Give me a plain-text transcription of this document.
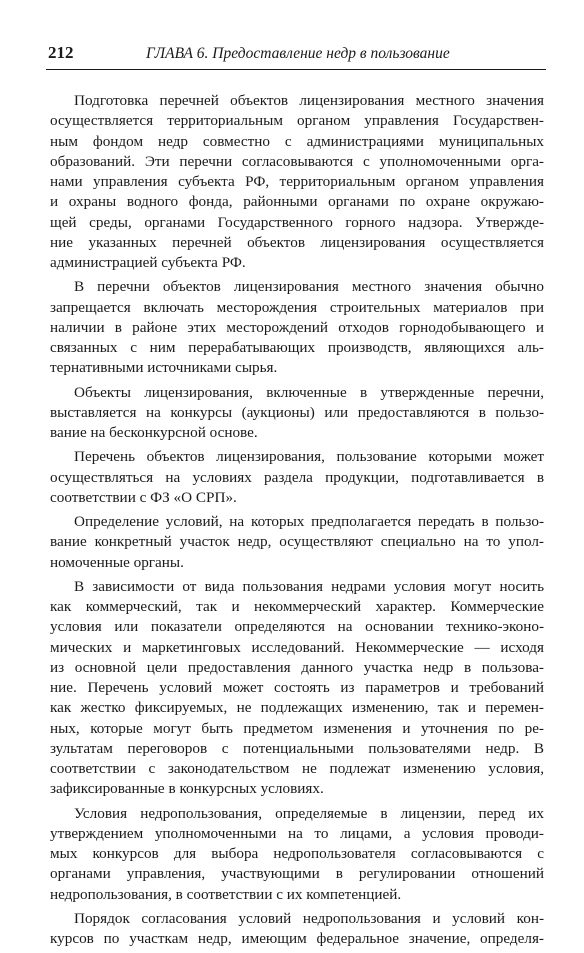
212	ГЛАВА 6. Предоставление недр в пользование
Подготовка перечней объектов лицензирования местного значения
осуществляется территориальным органом управления Государствен-
ным фондом недр совместно с администрациями муниципальных
образований. Эти перечни согласовываются с уполномоченными орга-
нами управления субъекта РФ, территориальным органом управления
и охраны водного фонда, районными органами по охране окружаю-
щей среды, органами Государственного горного надзора. Утвержде-
ние указанных перечней объектов лицензирования осуществляется
администрацией субъекта РФ.
В перечни объектов лицензирования местного значения обычно
запрещается включать месторождения строительных материалов при
наличии в районе этих месторождений отходов горнодобывающего и
связанных с ним перерабатывающих производств, являющихся аль-
тернативными источниками сырья.
Объекты лицензирования, включенные в утвержденные перечни,
выставляется на конкурсы (аукционы) или предоставляются в пользо-
вание на бесконкурсной основе.
Перечень объектов лицензирования, пользование которыми может
осуществляться на условиях раздела продукции, подготавливается в
соответствии с ФЗ «О СРП».
Определение условий, на которых предполагается передать в пользо-
вание конкретный участок недр, осуществляют специально на то упол-
номоченные органы.
В зависимости от вида пользования недрами условия могут носить
как коммерческий, так и некоммерческий характер. Коммерческие
условия или показатели определяются на основании технико-эконо-
мических и маркетинговых исследований. Некоммерческие — исходя
из основной цели предоставления данного участка недр в пользова-
ние. Перечень условий может состоять из параметров и требований
как жестко фиксируемых, не подлежащих изменению, так и перемен-
ных, которые могут быть предметом изменения и уточнения по ре-
зультатам переговоров с потенциальными пользователями недр. В
соответствии с законодательством не подлежат изменению условия,
зафиксированные в конкурсных условиях.
Условия недропользования, определяемые в лицензии, перед их
утверждением уполномоченными на то лицами, а условия проводи-
мых конкурсов для выбора недропользователя согласовываются с
органами управления, участвующими в регулировании отношений
недропользования, в соответствии с их компетенцией.
Порядок согласования условий недропользования и условий кон-
курсов по участкам недр, имеющим федеральное значение, определя-
